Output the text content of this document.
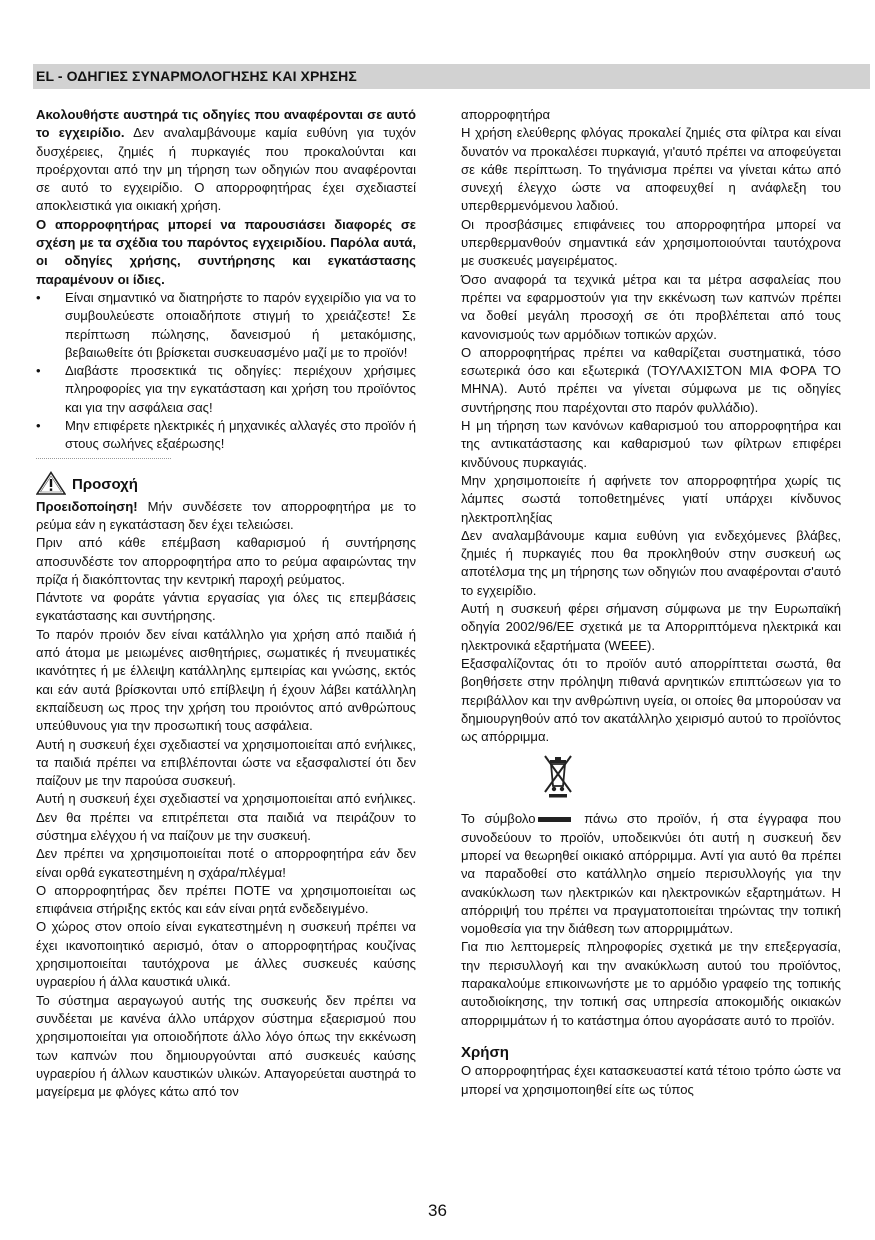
EL - ΟΔΗΓΙΕΣ ΣΥΝΑΡΜΟΛΟΓΗΣΗΣ ΚΑΙ ΧΡΗΣΗΣ

Ακολουθήστε αυστηρά τις οδηγίες που αναφέρονται σε αυτό το εγχειρίδιο. Δεν αναλαμβάνουμε καμία ευθύνη για τυχόν δυσχέρειες, ζημιές ή πυρκαγιές που προκαλούνται και προέρχονται από την μη τήρηση των οδηγιών που αναφέρονται σε αυτό το εγχειρίδιο. Ο απορροφητήρας έχει σχεδιαστεί αποκλειστικά για οικιακή χρήση.

Ο απορροφητήρας μπορεί να παρουσιάσει διαφορές σε σχέση με τα σχέδια του παρόντος εγχειριδίου. Παρόλα αυτά, οι οδηγίες χρήσης, συντήρησης και εγκατάστασης παραμένουν οι ίδιες.

• Είναι σημαντικό να διατηρήστε το παρόν εγχειρίδιο για να το συμβουλεύεστε οποιαδήποτε στιγμή το χρειάζεστε! Σε περίπτωση πώλησης, δανεισμού ή μετακόμισης, βεβαιωθείτε ότι βρίσκεται συσκευασμένο μαζί με το προϊόν!
• Διαβάστε προσεκτικά τις οδηγίες: περιέχουν χρήσιμες πληροφορίες για την εγκατάσταση και χρήση του προϊόντος και για την ασφάλεια σας!
• Μην επιφέρετε ηλεκτρικές ή μηχανικές αλλαγές στο προϊόν ή στους σωλήνες εξαέρωσης!
Προσοχή

Προειδοποίηση! Μήν συνδέσετε τον απορροφητήρα με το ρεύμα εάν η εγκατάσταση δεν έχει τελειώσει.

Πριν από κάθε επέμβαση καθαρισμού ή συντήρησης αποσυνδέστε τον απορροφητήρα απο το ρεύμα αφαιρώντας την πρίζα ή διακόπτοντας την κεντρική παροχή ρεύματος.

Πάντοτε να φοράτε γάντια εργασίας για όλες τις επεμβάσεις εγκατάστασης και συντήρησης.

Το παρόν προιόν δεν είναι κατάλληλο για χρήση από παιδιά ή από άτομα με μειωμένες αισθητήριες, σωματικές ή πνευματικές ικανότητες ή με έλλειψη κατάλληλης εμπειρίας και γνώσης, εκτός και εάν αυτά βρίσκονται υπό επίβλεψη ή έχουν λάβει κατάλληλη εκπαίδευση ως προς την χρήση του προιόντος από ανθρώπους υπεύθυνους για την προσωπική τους ασφάλεια.

Αυτή η συσκευή έχει σχεδιαστεί να χρησιμοποιείται από ενήλικες, τα παιδιά πρέπει να επιβλέπονται ώστε να εξασφαλιστεί ότι δεν παίζουν με την παρούσα συσκευή.

Αυτή η συσκευή έχει σχεδιαστεί να χρησιμοποιείται από ενήλικες. Δεν θα πρέπει να επιτρέπεται στα παιδιά να πειράζουν το σύστημα ελέγχου ή να παίζουν με την συσκευή.

Δεν πρέπει να χρησιμοποιείται ποτέ ο απορροφητήρα εάν δεν είναι ορθά εγκατεστημένη η σχάρα/πλέγμα!

Ο απορροφητήρας δεν πρέπει ΠΟΤΕ να χρησιμοποιείται ως επιφάνεια στήριξης εκτός και εάν είναι ρητά ενδεδειγμένο.

Ο χώρος στον οποίο είναι εγκατεστημένη η συσκευή πρέπει να έχει ικανοποιητικό αερισμό, όταν ο απορροφητήρας κουζίνας χρησιμοποιείται ταυτόχρονα με άλλες συσκευές καύσης υγραερίου ή άλλα καυστικά υλικά.

Το σύστημα αεραγωγού αυτής της συσκευής δεν πρέπει να συνδέεται με κανένα άλλο υπάρχον σύστημα εξαερισμού που χρησιμοποιείται για οποιοδήποτε άλλο λόγο όπως την εκκένωση των καπνών που δημιουργούνται από συσκευές καύσης υγραερίου ή άλλων καυστικών υλικών. Απαγορεύεται αυστηρά το μαγείρεμα με φλόγες κάτω από τον

απορροφητήρα

Η χρήση ελεύθερης φλόγας προκαλεί ζημιές στα φίλτρα και είναι δυνατόν να προκαλέσει πυρκαγιά, γι'αυτό πρέπει να αποφεύγεται σε κάθε περίπτωση. Το τηγάνισμα πρέπει να γίνεται κάτω από συνεχή έλεγχο ώστε να αποφευχθεί η ανάφλεξη του υπερθερμενόμενου λαδιού.

Οι προσβάσιμες επιφάνειες του απορροφητήρα μπορεί να υπερθερμανθούν σημαντικά εάν χρησιμοποιούνται ταυτόχρονα με συσκευές μαγειρέματος.

Όσο αναφορά τα τεχνικά μέτρα και τα μέτρα ασφαλείας που πρέπει να εφαρμοστούν για την εκκένωση των καπνών πρέπει να δοθεί μεγάλη προσοχή σε ότι προβλέπεται από τους κανονισμούς των αρμόδιων τοπικών αρχών.

Ο απορροφητήρας πρέπει να καθαρίζεται συστηματικά, τόσο εσωτερικά όσο και εξωτερικά (ΤΟΥΛΑΧΙΣΤΟΝ ΜΙΑ ΦΟΡΑ ΤΟ ΜΗΝΑ). Αυτό πρέπει να γίνεται σύμφωνα με τις οδηγίες συντήρησης που παρέχονται στο παρόν φυλλάδιο).

Η μη τήρηση των κανόνων καθαρισμού του απορροφητήρα και της αντικατάστασης και καθαρισμού των φίλτρων επιφέρει κινδύνους πυρκαγιάς.

Μην χρησιμοποιείτε ή αφήνετε τον απορροφητήρα χωρίς τις λάμπες σωστά τοποθετημένες γιατί υπάρχει κίνδυνος ηλεκτροπληξίας

Δεν αναλαμβάνουμε καμια ευθύνη για ενδεχόμενες βλάβες, ζημιές ή πυρκαγιές που θα προκληθούν στην συσκευή ως αποτέλσμα της μη τήρησης των οδηγιών που αναφέρονται σ'αυτό το εγχειρίδιο.

Αυτή η συσκευή φέρει σήμανση σύμφωνα με την Ευρωπαϊκή οδηγία 2002/96/ΕΕ σχετικά με τα Απορριπτόμενα ηλεκτρικά και ηλεκτρονικά εξαρτήματα (WEEE).

Εξασφαλίζοντας ότι το προϊόν αυτό απορρίπτεται σωστά, θα βοηθήσετε στην πρόληψη πιθανά αρνητικών επιπτώσεων για το περιβάλλον και την ανθρώπινη υγεία, οι οποίες θα μπορούσαν να δημιουργηθούν από τον ακατάλληλο χειρισμό αυτού το προϊόντος ως απόρριμμα.

Το σύμβολο	πάνω στο προϊόν, ή στα έγγραφα που συνοδεύουν το προϊόν, υποδεικνύει ότι αυτή η συσκευή δεν μπορεί να θεωρηθεί οικιακό απόρριμμα. Αντί για αυτό θα πρέπει να παραδοθεί στο κατάλληλο σημείο περισυλλογής για την ανακύκλωση των ηλεκτρικών και ηλεκτρονικών εξαρτημάτων. Η απόρριψή του πρέπει να πραγματοποιείται τηρώντας την τοπική νομοθεσία για την διάθεση των απορριμμάτων.

Για πιο λεπτομερείς πληροφορίες σχετικά με την επεξεργασία, την περισυλλογή και την ανακύκλωση αυτού του προϊόντος, παρακαλούμε επικοινωνήστε με το αρμόδιο γραφείο της τοπικής αυτοδιοίκησης, την τοπική σας υπηρεσία αποκομιδής οικιακών απορριμμάτων ή το κατάστημα όπου αγοράσατε αυτό το προϊόν.

Χρήση

Ο απορροφητήρας έχει κατασκευαστεί κατά τέτοιο τρόπο ώστε να μπορεί να χρησιμοποιηθεί είτε ως τύπος

36
